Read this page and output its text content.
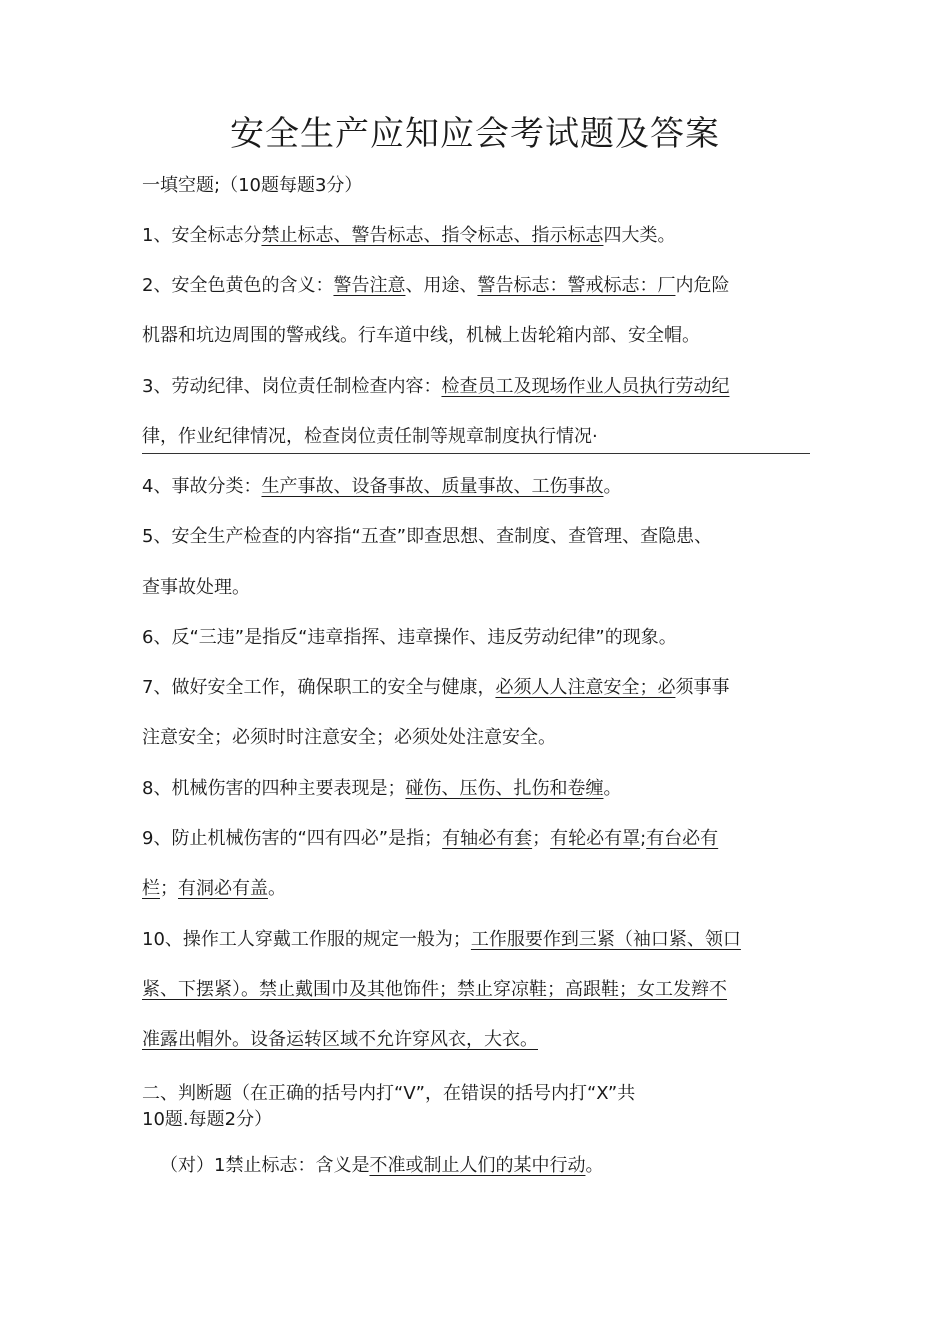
安全生产应知应会考试题及答案

一填空题;（10题每题3分）

1、安全标志分禁止标志、警告标志、指令标志、指示标志四大类。

2、安全色黄色的含义：警告注意、用途、警告标志：警戒标志：厂内危险

机器和坑边周围的警戒线。行车道中线，机械上齿轮箱内部、安全帽。

3、劳动纪律、岗位责任制检查内容：检查员工及现场作业人员执行劳动纪

律，作业纪律情况，检查岗位责任制等规章制度执行情况·

4、事故分类：生产事故、设备事故、质量事故、工伤事故。

5、安全生产检查的内容指“五查”即查思想、查制度、查管理、查隐患、

查事故处理。

6、反“三违”是指反“违章指挥、违章操作、违反劳动纪律”的现象。

7、做好安全工作，确保职工的安全与健康，必须人人注意安全；必须事事

注意安全；必须时时注意安全；必须处处注意安全。

8、机械伤害的四种主要表现是；碰伤、压伤、扎伤和卷缠。

9、防止机械伤害的“四有四必”是指；有轴必有套；有轮必有罩;有台必有

栏；有洞必有盖。

10、操作工人穿戴工作服的规定一般为；工作服要作到三紧（袖口紧、领口

紧、下摆紧）。禁止戴围巾及其他饰件；禁止穿凉鞋；高跟鞋；女工发辫不

准露出帽外。设备运转区域不允许穿风衣，大衣。

二、判断题（在正确的括号内打“V”，在错误的括号内打“X”共

10题.每题2分）

（对）1禁止标志：含义是不准或制止人们的某中行动。
